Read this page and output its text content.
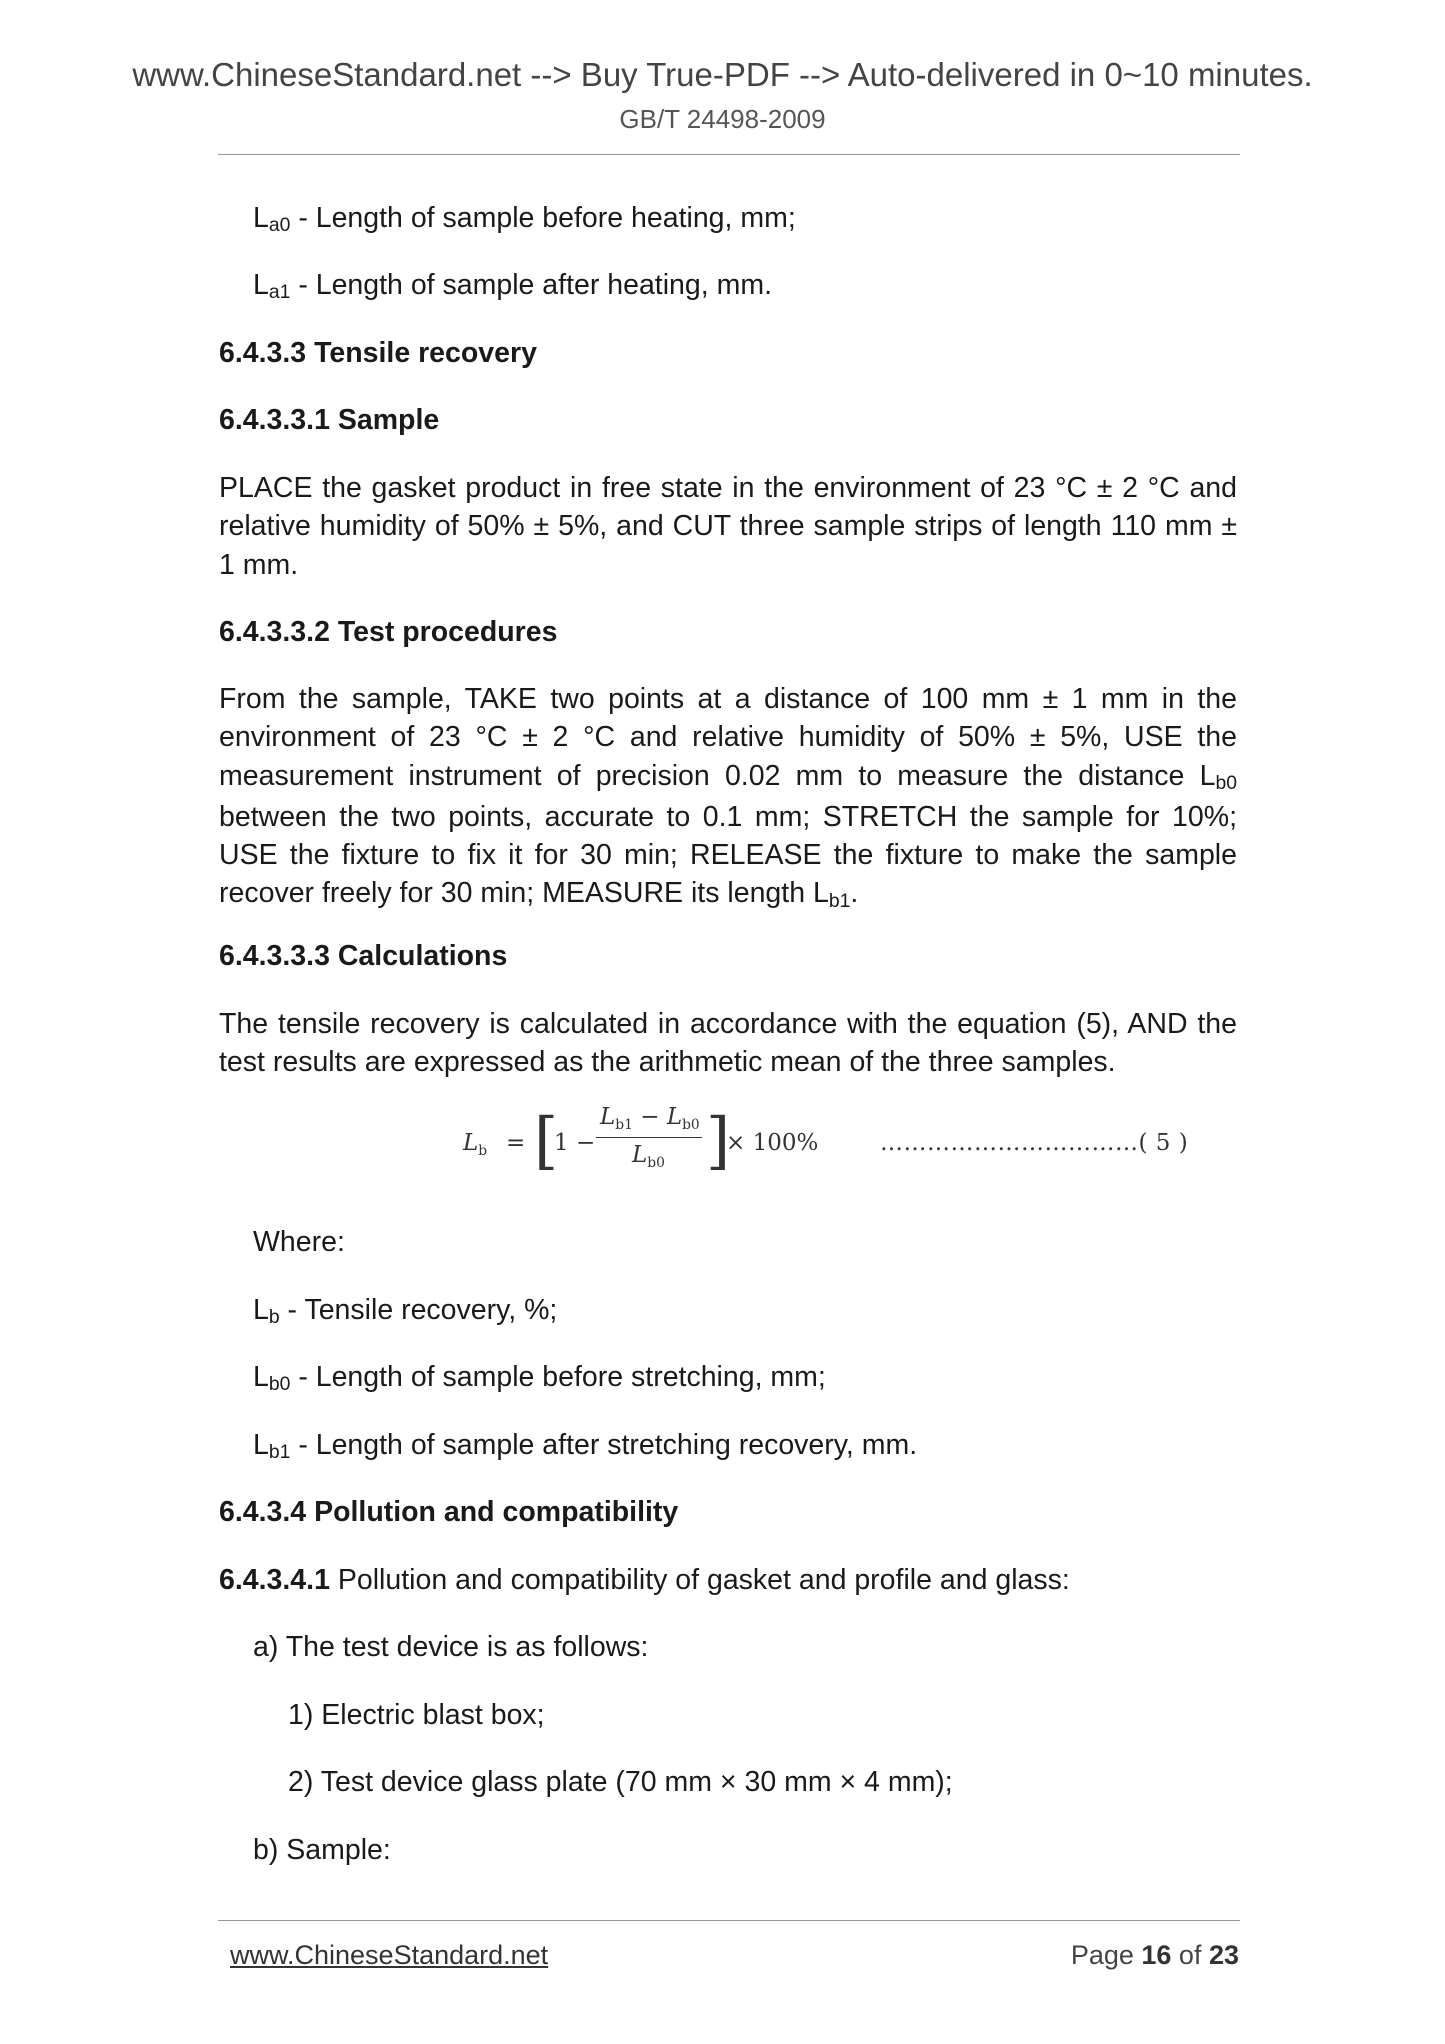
www.ChineseStandard.net --> Buy True-PDF --> Auto-delivered in 0~10 minutes.
GB/T 24498-2009
La0 - Length of sample before heating, mm;
La1 - Length of sample after heating, mm.
6.4.3.3 Tensile recovery
6.4.3.3.1 Sample
PLACE the gasket product in free state in the environment of 23 °C ± 2 °C and relative humidity of 50% ± 5%, and CUT three sample strips of length 110 mm ± 1 mm.
6.4.3.3.2 Test procedures
From the sample, TAKE two points at a distance of 100 mm ± 1 mm in the environment of 23 °C ± 2 °C and relative humidity of 50% ± 5%, USE the measurement instrument of precision 0.02 mm to measure the distance Lb0 between the two points, accurate to 0.1 mm; STRETCH the sample for 10%; USE the fixture to fix it for 30 min; RELEASE the fixture to make the sample recover freely for 30 min; MEASURE its length Lb1.
6.4.3.3.3 Calculations
The tensile recovery is calculated in accordance with the equation (5), AND the test results are expressed as the arithmetic mean of the three samples.
$L_b$ = [
1 −
$L_{b1} - L_{b0}$
$L_{b0}$ ]
× 100%	……………………………( 5 )
Where:
Lb - Tensile recovery, %;
Lb0 - Length of sample before stretching, mm;
Lb1 - Length of sample after stretching recovery, mm.
6.4.3.4 Pollution and compatibility
6.4.3.4.1 Pollution and compatibility of gasket and profile and glass:
a) The test device is as follows:
1) Electric blast box;
2) Test device glass plate (70 mm × 30 mm × 4 mm);
b) Sample:
www.ChineseStandard.net	Page 16 of 23
